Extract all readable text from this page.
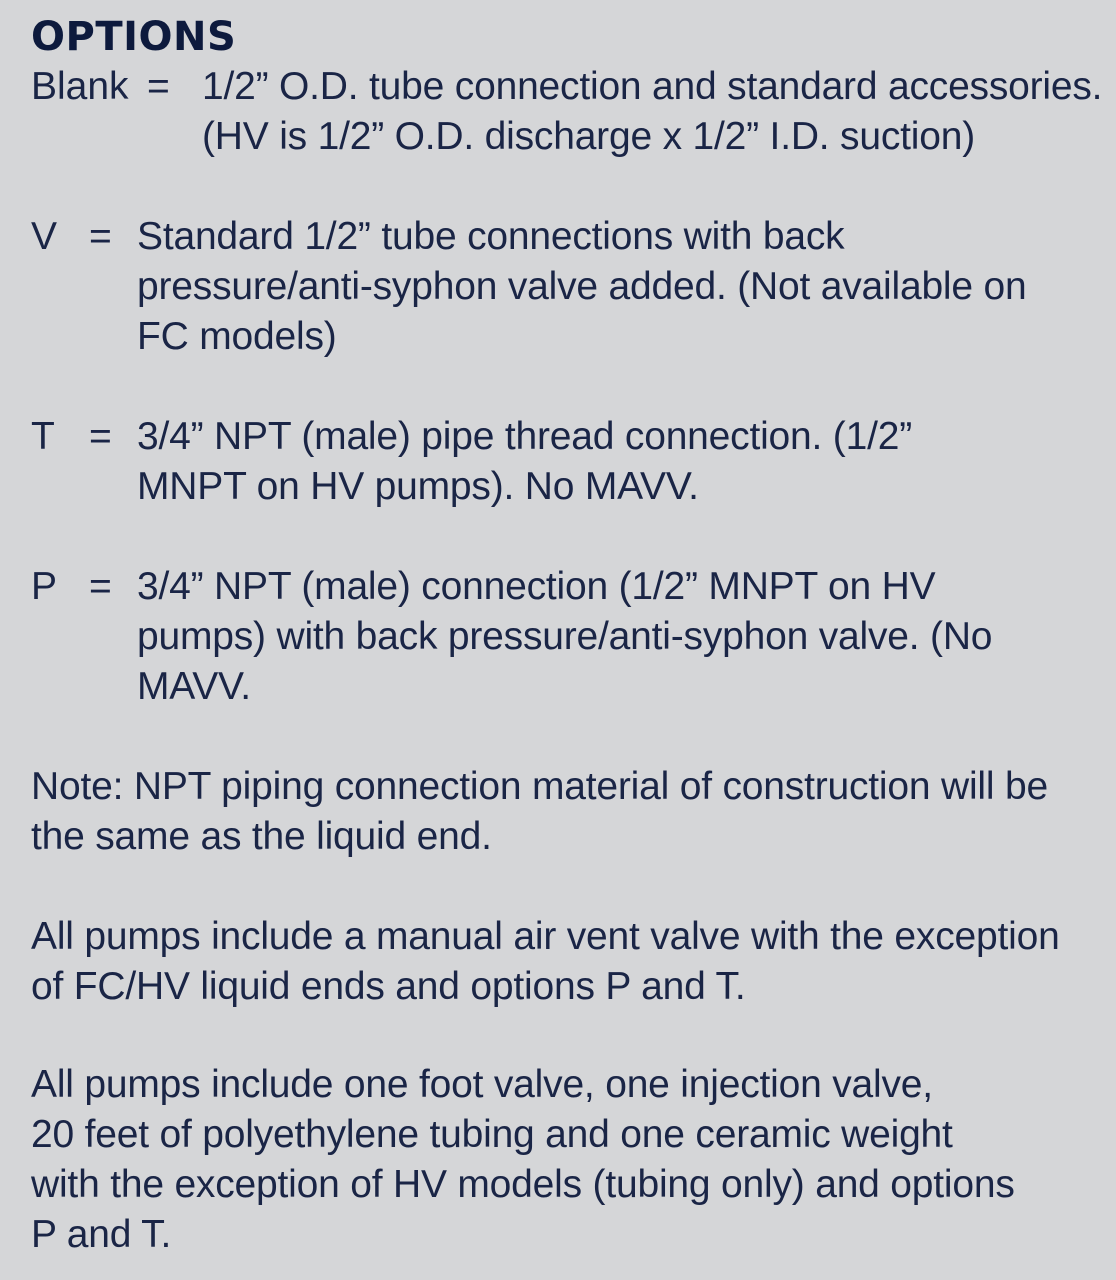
OPTIONS
Blank = 1/2” O.D. tube connection and standard accessories.
(HV is 1/2” O.D. discharge x 1/2” I.D. suction)
V = Standard 1/2” tube connections with back
pressure/anti-syphon valve added. (Not available on
FC models)
T = 3/4” NPT (male) pipe thread connection. (1/2”
MNPT on HV pumps). No MAVV.
P = 3/4” NPT (male) connection (1/2” MNPT on HV
pumps) with back pressure/anti-syphon valve. (No
MAVV.
Note: NPT piping connection material of construction will be
the same as the liquid end.
All pumps include a manual air vent valve with the exception
of FC/HV liquid ends and options P and T.
All pumps include one foot valve, one injection valve,
20 feet of polyethylene tubing and one ceramic weight
with the exception of HV models (tubing only) and options
P and T.
